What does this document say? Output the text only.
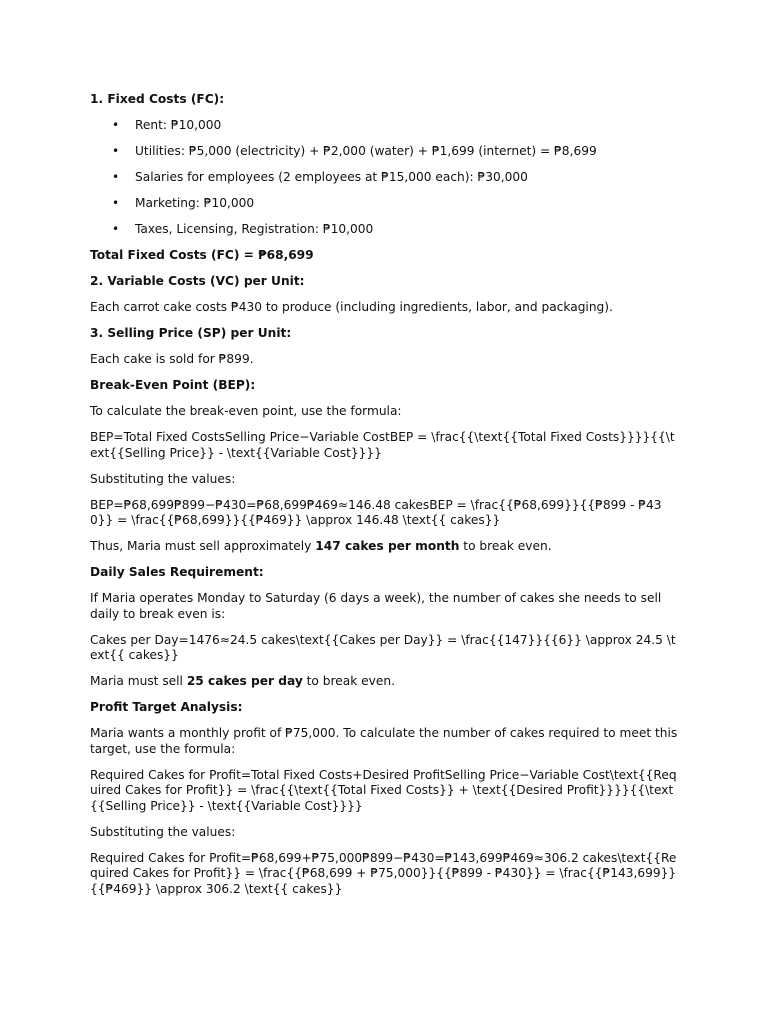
1. Fixed Costs (FC):

• Rent: ₱10,000
• Utilities: ₱5,000 (electricity) + ₱2,000 (water) + ₱1,699 (internet) = ₱8,699
• Salaries for employees (2 employees at ₱15,000 each): ₱30,000
• Marketing: ₱10,000
• Taxes, Licensing, Registration: ₱10,000

Total Fixed Costs (FC) = ₱68,699

2. Variable Costs (VC) per Unit:

Each carrot cake costs ₱430 to produce (including ingredients, labor, and packaging).

3. Selling Price (SP) per Unit:

Each cake is sold for ₱899.

Break-Even Point (BEP):

To calculate the break-even point, use the formula:

BEP=Total Fixed CostsSelling Price−Variable CostBEP = \frac{{\text{{Total Fixed Costs}}}}{{\text{{Selling Price}} - \text{{Variable Cost}}}}

Substituting the values:

BEP=₱68,699₱899−₱430=₱68,699₱469≈146.48 cakesBEP = \frac{{₱68,699}}{{₱899 - ₱430}} = \frac{{₱68,699}}{{₱469}} \approx 146.48 \text{{ cakes}}

Thus, Maria must sell approximately 147 cakes per month to break even.

Daily Sales Requirement:

If Maria operates Monday to Saturday (6 days a week), the number of cakes she needs to sell daily to break even is:

Cakes per Day=1476≈24.5 cakes\text{{Cakes per Day}} = \frac{{147}}{{6}} \approx 24.5 \text{{ cakes}}

Maria must sell 25 cakes per day to break even.

Profit Target Analysis:

Maria wants a monthly profit of ₱75,000. To calculate the number of cakes required to meet this target, use the formula:

Required Cakes for Profit=Total Fixed Costs+Desired ProfitSelling Price−Variable Cost\text{{Required Cakes for Profit}} = \frac{{\text{{Total Fixed Costs}} + \text{{Desired Profit}}}}{{\text{{Selling Price}} - \text{{Variable Cost}}}}

Substituting the values:

Required Cakes for Profit=₱68,699+₱75,000₱899−₱430=₱143,699₱469≈306.2 cakes\text{{Required Cakes for Profit}} = \frac{{₱68,699 + ₱75,000}}{{₱899 - ₱430}} = \frac{{₱143,699}}{{₱469}} \approx 306.2 \text{{ cakes}}
